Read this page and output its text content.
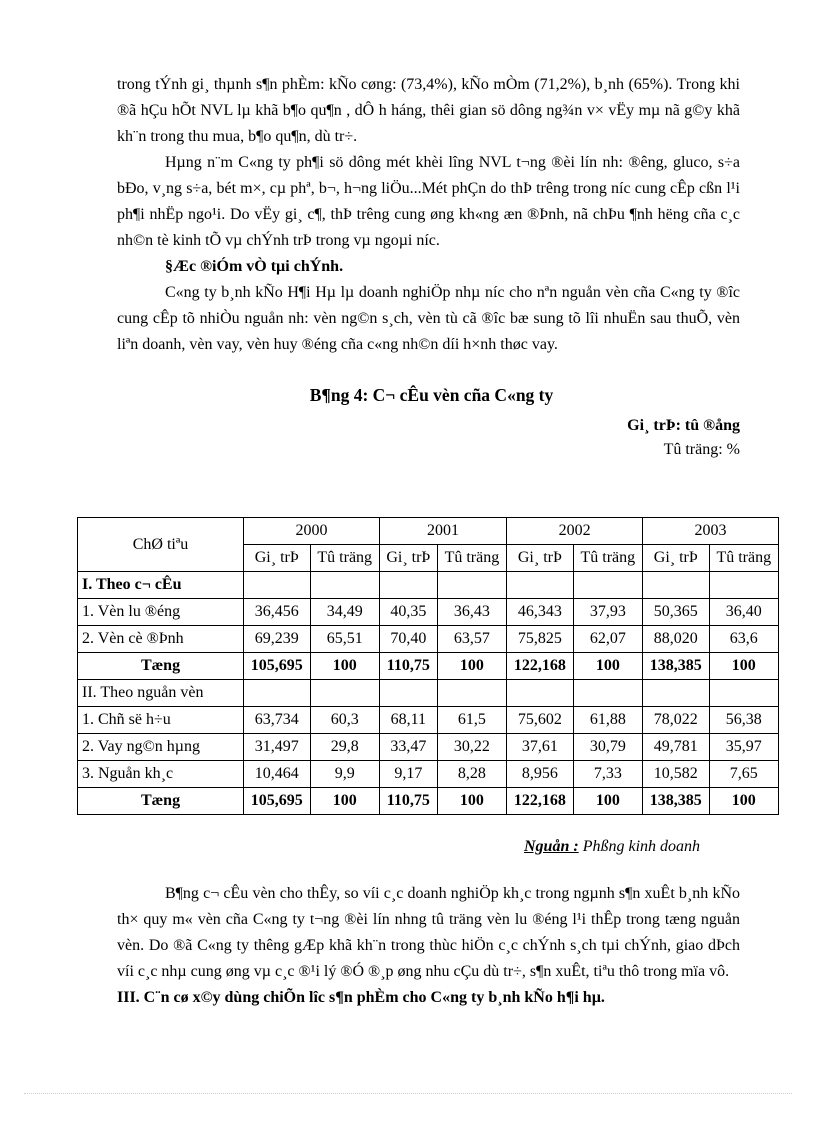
trong tÝnh gi¸ thµnh s¶n phÈm: kÑo cøng: (73,4%), kÑo mÒm (71,2%), b¸nh (65%). Trong khi ®ã hÇu hÕt NVL lµ khã b¶o qu¶n , dÔ h háng, thêi gian sö dông ng¾n v× vËy mµ nã g©y khã kh¨n trong thu mua, b¶o qu¶n, dù tr÷.

Hµng n¨m C«ng ty ph¶i sö dông mét khèi lîng NVL t¬ng ®èi lín nh: ®êng, gluco, s÷a bÐo, v¸ng s÷a, bét m×, cµ phª, b¬, h¬ng liÖu...Mét phÇn do thÞ trêng trong níc cung cÊp cßn l¹i ph¶i nhËp ngo¹i. Do vËy gi¸ c¶, thÞ trêng cung øng kh«ng æn ®Þnh, nã chÞu ¶nh hëng cña c¸c nh©n tè kinh tÕ vµ chÝnh trÞ trong vµ ngoµi níc.

§Æc ®iÓm vÒ tµi chÝnh.

C«ng ty b¸nh kÑo H¶i Hµ lµ doanh nghiÖp nhµ níc cho nªn nguån vèn cña C«ng ty ®îc cung cÊp tõ nhiÒu nguån nh: vèn ng©n s¸ch, vèn tù cã ®îc bæ sung tõ lîi nhuËn sau thuÕ, vèn liªn doanh, vèn vay, vèn huy ®éng cña c«ng nh©n díi h×nh thøc vay.

B¶ng 4: C¬ cÊu vèn cña C«ng ty

Gi¸ trÞ: tû ®ång

Tû träng: %

ChØ tiªu	2000		2001		2002		2003	
	Gi¸ trÞ	Tû träng	Gi¸ trÞ	Tû träng	Gi¸ trÞ	Tû träng	Gi¸ trÞ	Tû träng
I. Theo c¬ cÊu								
1. Vèn lu ®éng	36,456	34,49	40,35	36,43	46,343	37,93	50,365	36,40
2. Vèn cè ®Þnh	69,239	65,51	70,40	63,57	75,825	62,07	88,020	63,6
Tæng	105,695	100	110,75	100	122,168	100	138,385	100
II. Theo nguån vèn								
1. Chñ së h÷u	63,734	60,3	68,11	61,5	75,602	61,88	78,022	56,38
2. Vay ng©n hµng	31,497	29,8	33,47	30,22	37,61	30,79	49,781	35,97
3. Nguån kh¸c	10,464	9,9	9,17	8,28	8,956	7,33	10,582	7,65
Tæng	105,695	100	110,75	100	122,168	100	138,385	100
Nguån : Phßng kinh doanh

B¶ng c¬ cÊu vèn cho thÊy, so víi c¸c doanh nghiÖp kh¸c trong ngµnh s¶n xuÊt b¸nh kÑo th× quy m« vèn cña C«ng ty t¬ng ®èi lín nhng tû träng vèn lu ®éng l¹i thÊp trong tæng nguån vèn. Do ®ã C«ng ty thêng gÆp khã kh¨n trong thùc hiÖn c¸c chÝnh s¸ch tµi chÝnh, giao dÞch víi c¸c nhµ cung øng vµ c¸c ®¹i lý ®Ó ®¸p øng nhu cÇu dù tr÷, s¶n xuÊt, tiªu thô trong mïa vô.

III. C¨n cø x©y dùng chiÕn lîc s¶n phÈm cho C«ng ty b¸nh kÑo h¶i hµ.
